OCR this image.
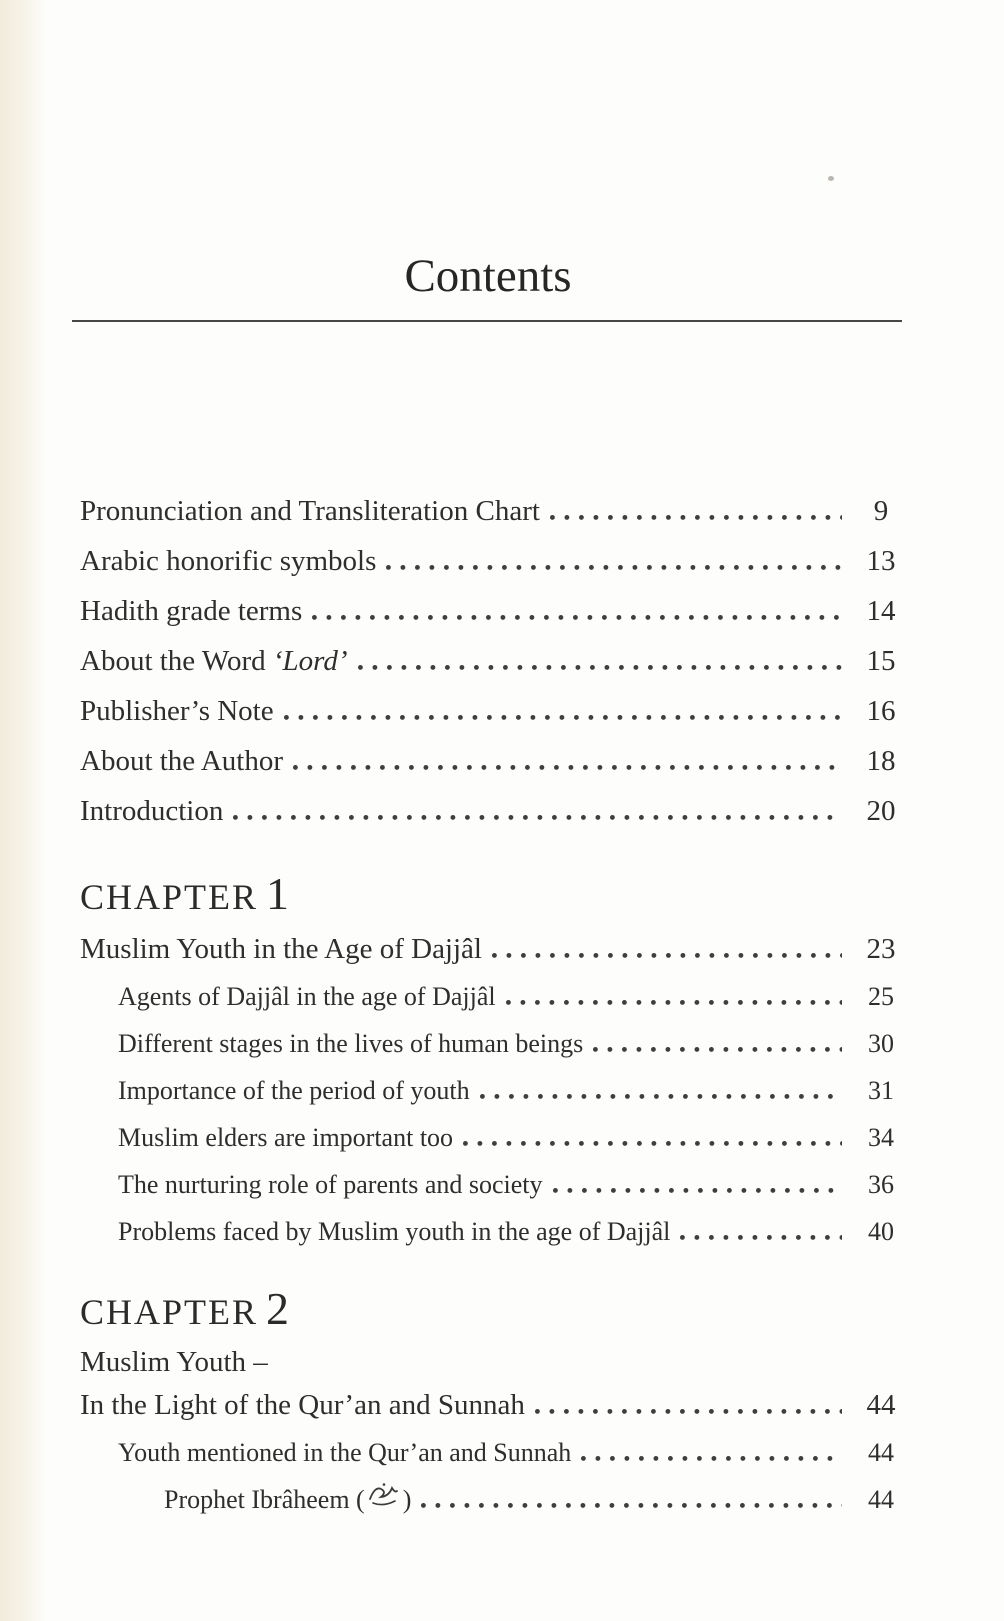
Contents
Pronunciation and Transliteration Chart	9
Arabic honorific symbols	13
Hadith grade terms	14
About the Word ‘Lord’	15
Publisher’s Note	16
About the Author	18
Introduction	20
CHAPTER 1
Muslim Youth in the Age of Dajjâl	23
Agents of Dajjâl in the age of Dajjâl	25
Different stages in the lives of human beings	30
Importance of the period of youth	31
Muslim elders are important too	34
The nurturing role of parents and society	36
Problems faced by Muslim youth in the age of Dajjâl	40
CHAPTER 2
Muslim Youth –
In the Light of the Qur’an and Sunnah	44
Youth mentioned in the Qur’an and Sunnah	44
Prophet Ibrâheem ( )	44
